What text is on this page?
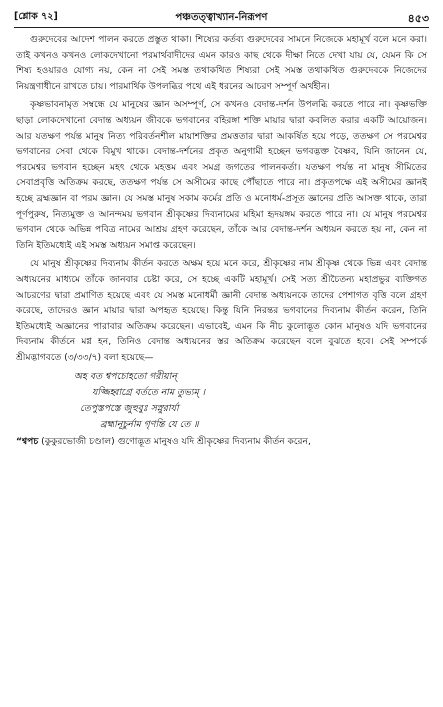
[শ্লোক ৭২]	পঞ্চতত্ত্বাখ্যান-নিরূপণ	৪৫৩

গুরুদেবের আদেশ পালন করতে প্রস্তুত থাকা। শিষ্যের কর্তব্য গুরুদেবের সামনে নিজেকে মহামূর্খ বলে মনে করা। তাই কখনও কখনও লোকদেখানো পরমার্থবাদীদের এমন কারও কাছ থেকে দীক্ষা নিতে দেখা যায় যে, যেমন কি সে শিষ্য হওয়ারও যোগ্য নয়, কেন না সেই সমস্ত তথাকথিত শিষ্যরা সেই সমস্ত তথাকথিত গুরুদেবকে নিজেদের নিয়ন্ত্রণাধীনে রাখতে চায়। পারমার্থিক উপলব্ধির পথে এই ধরনের আচরণ সম্পূর্ণ অর্থহীন।

কৃষ্ণভাবনামৃত সম্বন্ধে যে মানুষের জ্ঞান অসম্পূর্ণ, সে কখনও বেদান্ত-দর্শন উপলব্ধি করতে পারে না। কৃষ্ণভক্তি ছাড়া লোকদেখানো বেদান্ত অধ্যয়ন জীবকে ভগবানের বহিরঙ্গা শক্তি মায়ার দ্বারা কবলিত করার একটি আয়োজন। আর যতক্ষণ পর্যন্ত মানুষ নিত্য পরিবর্তনশীল মায়াশক্তির প্রমত্ততার দ্বারা আকর্ষিত হয়ে পড়ে, ততক্ষণ সে পরমেশ্বর ভগবানের সেবা থেকে বিমুখ থাকে। বেদান্ত-দর্শনের প্রকৃত অনুগামী হচ্ছেন ভগবদ্ভক্ত বৈষ্ণব, যিনি জানেন যে, পরমেশ্বর ভগবান হচ্ছেন মহৎ থেকে মহত্তম এবং সমগ্র জগতের পালনকর্তা। যতক্ষণ পর্যন্ত না মানুষ সীমিতের সেবাপ্রবৃত্তি অতিক্রম করছে, ততক্ষণ পর্যন্ত সে অসীমের কাছে পৌঁছাতে পারে না। প্রকৃতপক্ষে এই অসীমের জ্ঞানই হচ্ছে ব্রহ্মজ্ঞান বা পরম জ্ঞান। যে সমস্ত মানুষ সকাম কর্মের প্রতি ও মনোধর্ম-প্রসূত জ্ঞানের প্রতি আসক্ত থাকে, তারা পূর্ণপুরুষ, নিত্যমুক্ত ও আনন্দময় ভগবান শ্রীকৃষ্ণের দিব্যনামের মহিমা হৃদয়ঙ্গম করতে পারে না। যে মানুষ পরমেশ্বর ভগবান থেকে অভিন্ন পবিত্র নামের আশ্রয় গ্রহণ করেছেন, তাঁকে আর বেদান্ত-দর্শন অধ্যয়ন করতে হয় না, কেন না তিনি ইতিমধ্যেই এই সমস্ত অধ্যয়ন সমাপ্ত করেছেন।

যে মানুষ শ্রীকৃষ্ণের দিব্যনাম কীর্তন করতে অক্ষম হয়ে মনে করে, শ্রীকৃষ্ণের নাম শ্রীকৃষ্ণ থেকে ভিন্ন এবং বেদান্ত অধ্যয়নের মাধ্যমে তাঁকে জানবার চেষ্টা করে, সে হচ্ছে একটি মহামূর্খ। সেই সত্য শ্রীচৈতন্য মহাপ্রভুর ব্যক্তিগত আচরণের দ্বারা প্রমাণিত হয়েছে এবং যে সমস্ত মনোধর্মী জ্ঞানী বেদান্ত অধ্যয়নকে তাদের পেশাগত বৃত্তি বলে গ্রহণ করেছে, তাদেরও জ্ঞান মায়ার দ্বারা অপহৃত হয়েছে। কিন্তু যিনি নিরন্তর ভগবানের দিব্যনাম কীর্তন করেন, তিনি ইতিমধ্যেই অজ্ঞানের পারাবার অতিক্রম করেছেন। এভাবেই, এমন কি নীচ কুলোদ্ভূত কোন মানুষও যদি ভগবানের দিব্যনাম কীর্তনে মগ্ন হন, তিনিও বেদান্ত অধ্যয়নের স্তর অতিক্রম করেছেন বলে বুঝতে হবে। সেই সম্পর্কে শ্রীমদ্ভাগবতে (৩/৩৩/৭) বলা হয়েছে—

অহ বত শ্বপচোহতো গরীয়ান্
যজ্জিহ্বাগ্রে বর্ততে নাম তুভ্যম্ ।
তেপুস্তপস্তে জুহুবুঃ সস্নুরার্যা
ব্রহ্মানূচুর্নাম গৃণন্তি যে তে ॥

“শ্বপচ (কুকুরভোজী চণ্ডাল) গুণোদ্ভূত মানুষও যদি শ্রীকৃষ্ণের দিব্যনাম কীর্তন করেন,
